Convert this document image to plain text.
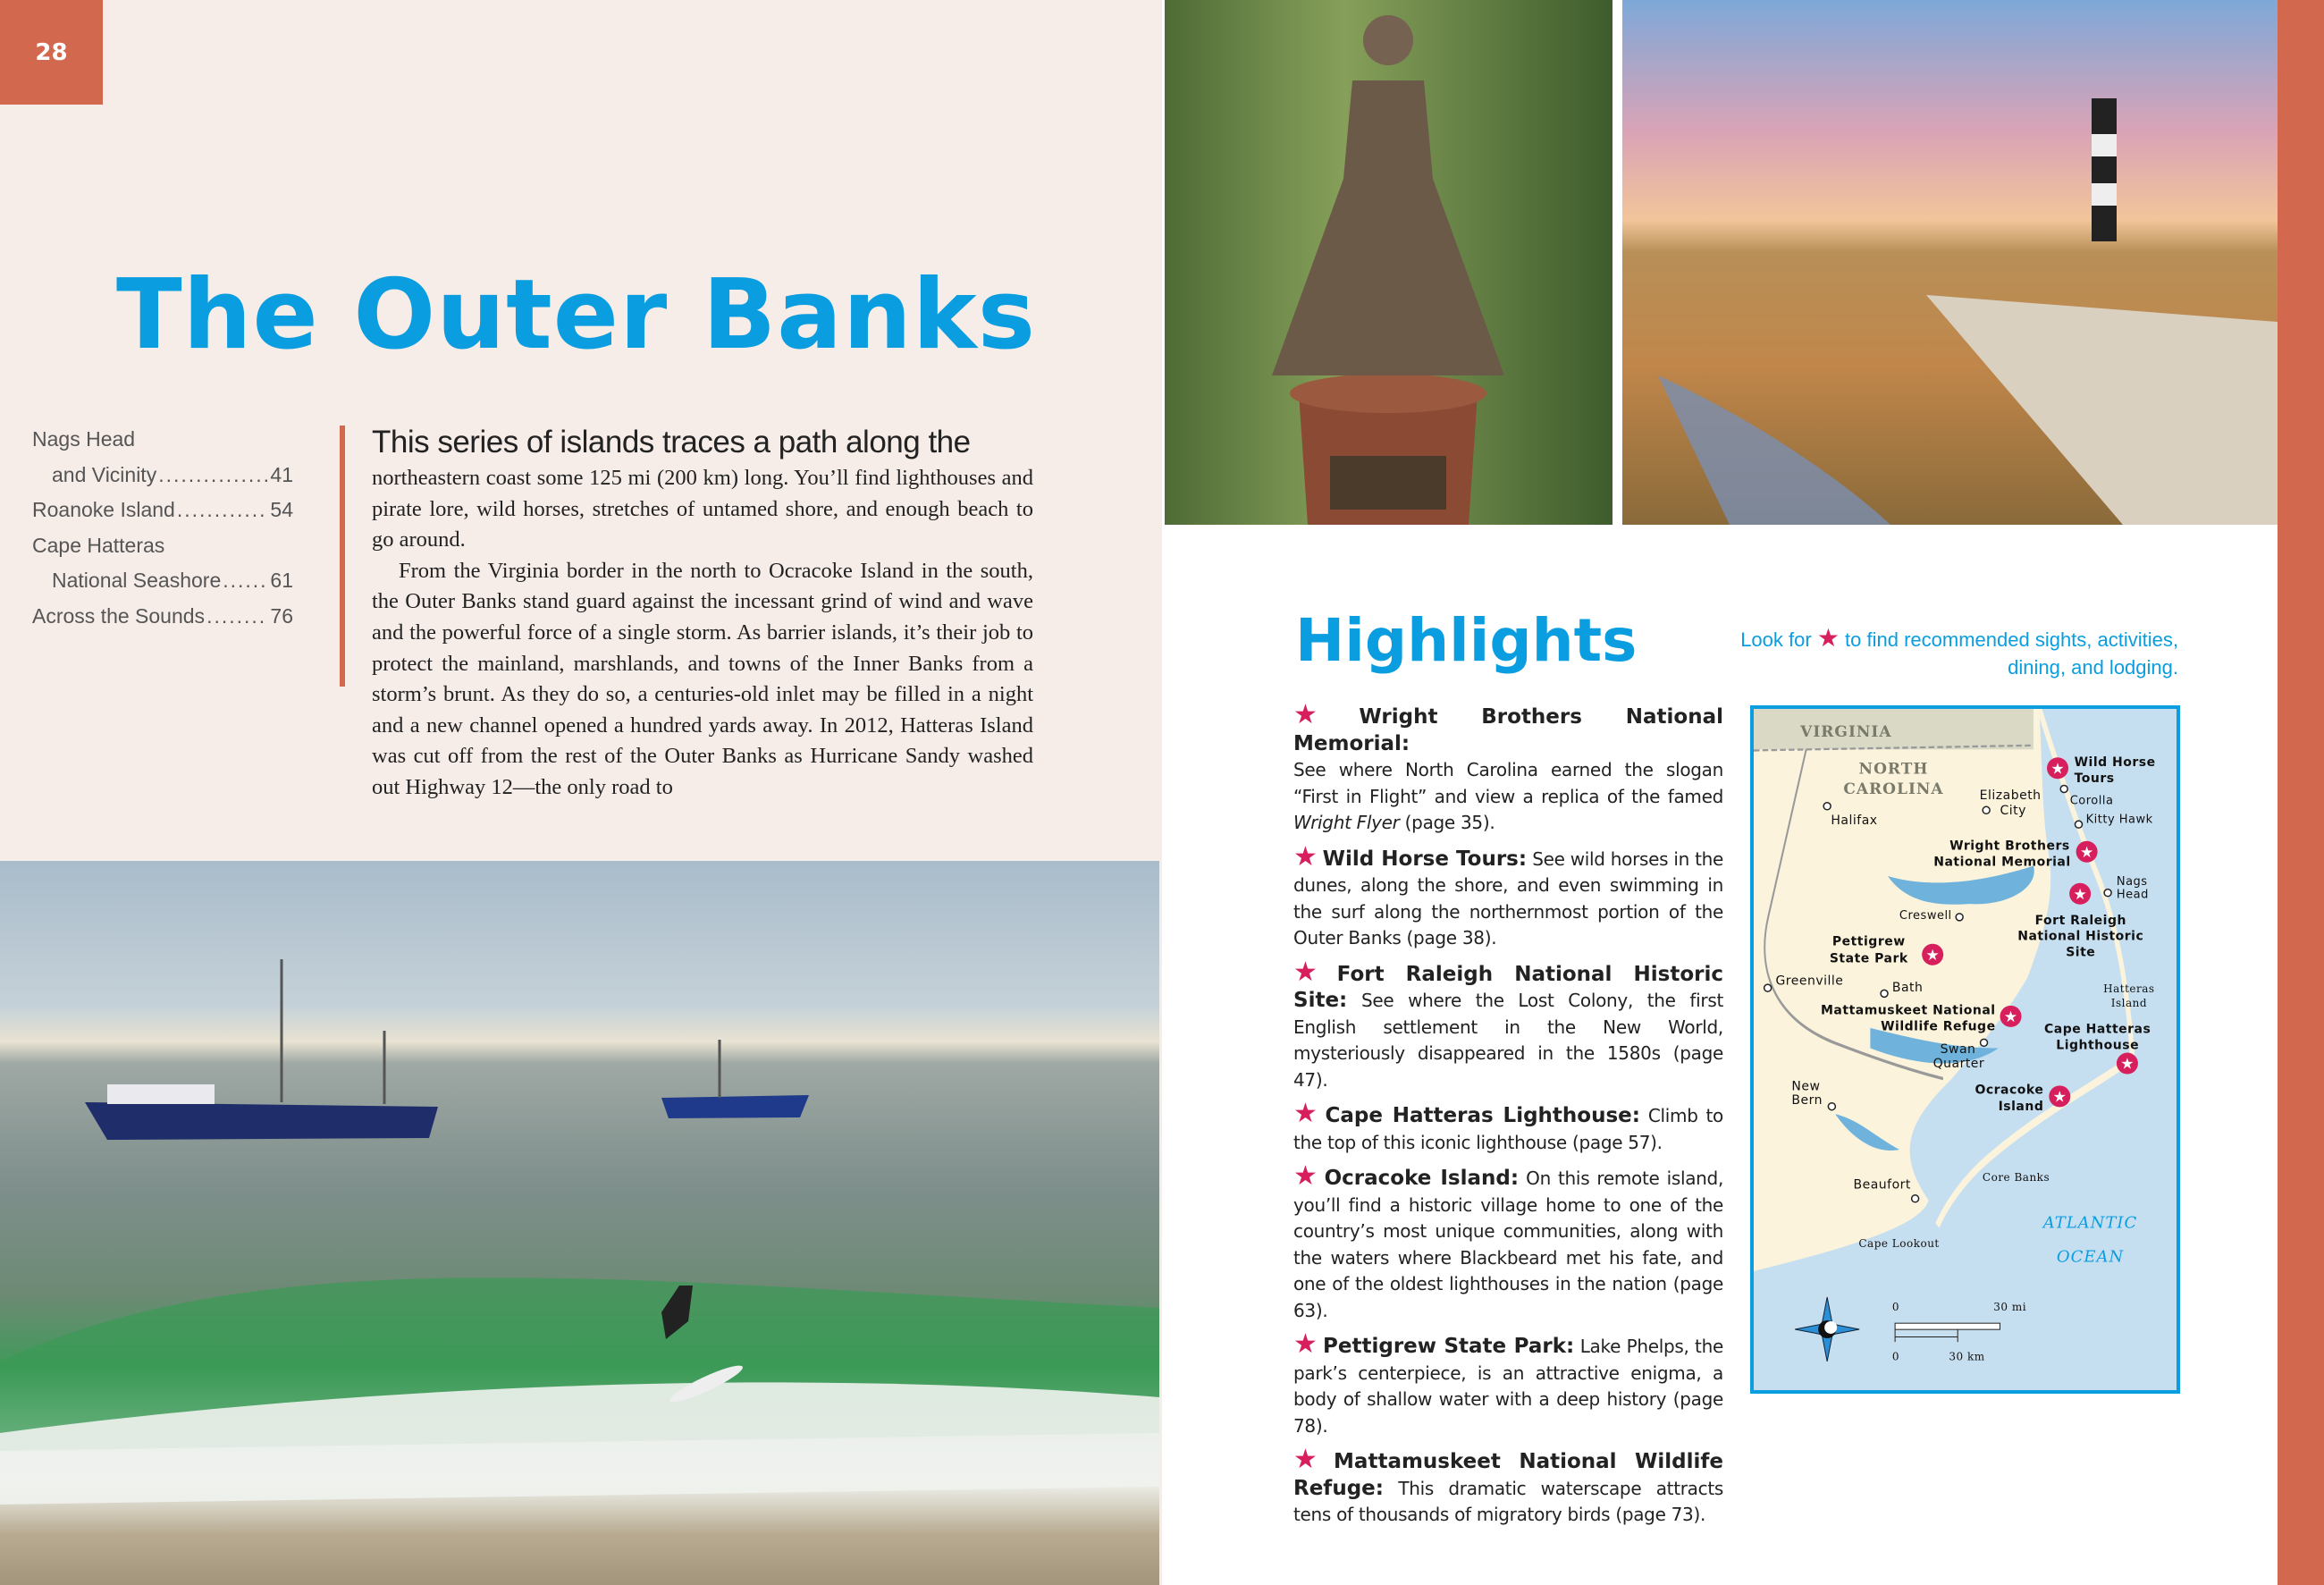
28
The Outer Banks
Nags Head
and Vicinity .....	41
Roanoke Island .....	54
Cape Hatteras
National Seashore ..... 61
Across the Sounds .....	76

This series of islands traces a path along the
northeastern coast some 125 mi (200 km) long. You’ll find lighthouses and pirate lore, wild horses, stretches of untamed shore, and enough beach to go around.

From the Virginia border in the north to Ocracoke Island in the south, the Outer Banks stand guard against the incessant grind of wind and wave and the powerful force of a single storm. As barrier islands, it’s their job to protect the mainland, marshlands, and towns of the Inner Banks from a storm’s brunt. As they do so, a centuries-old inlet may be filled in a night and a new channel opened a hundred yards away. In 2012, Hatteras Island was cut off from the rest of the Outer Banks as Hurricane Sandy washed out Highway 12—the only road to

Highlights	Look for ★ to find recommended sights, activities, dining, and lodging.
★ Wright Brothers National Memorial:
See where North Carolina earned the slogan “First in Flight” and view a replica of the famed Wright Flyer (page 35).
★ Wild Horse Tours: See wild horses in the dunes, along the shore, and even swimming in the surf along the northernmost portion of the Outer Banks (page 38).
★ Fort Raleigh National Historic Site: See where the Lost Colony, the first English settlement in the New World, mysteriously disappeared in the 1580s (page 47).
★ Cape Hatteras Lighthouse: Climb to the top of this iconic lighthouse (page 57).
★ Ocracoke Island: On this remote island, you’ll find a historic village home to one of the country’s most unique communities, along with the waters where Blackbeard met his fate, and one of the oldest lighthouses in the nation (page 63).
★ Pettigrew State Park: Lake Phelps, the park’s centerpiece, is an attractive enigma, a body of shallow water with a deep history (page 78).
★ Mattamuskeet National Wildlife Refuge: This dramatic waterscape attracts tens of thousands of migratory birds (page 73).
VIRGINIA
NORTH
CAROLINA
Halifax
Elizabeth
City
Corolla
Kitty Hawk
Nags
Head
Creswell
Greenville	Bath
Swan
Quarter
New
Bern
Beaufort
★ Wild Horse
Tours
★
Wright Brothers
National Memorial
★
Fort Raleigh
National Historic
Site
★
Pettigrew
State Park
★
Mattamuskeet National
Wildlife Refuge	Cape Hatteras
Lighthouse
★
★
Ocracoke
Island
Hatteras
Island
Core Banks
Cape Lookout
ATLANTIC
OCEAN
0	30 mi
0	30 km
